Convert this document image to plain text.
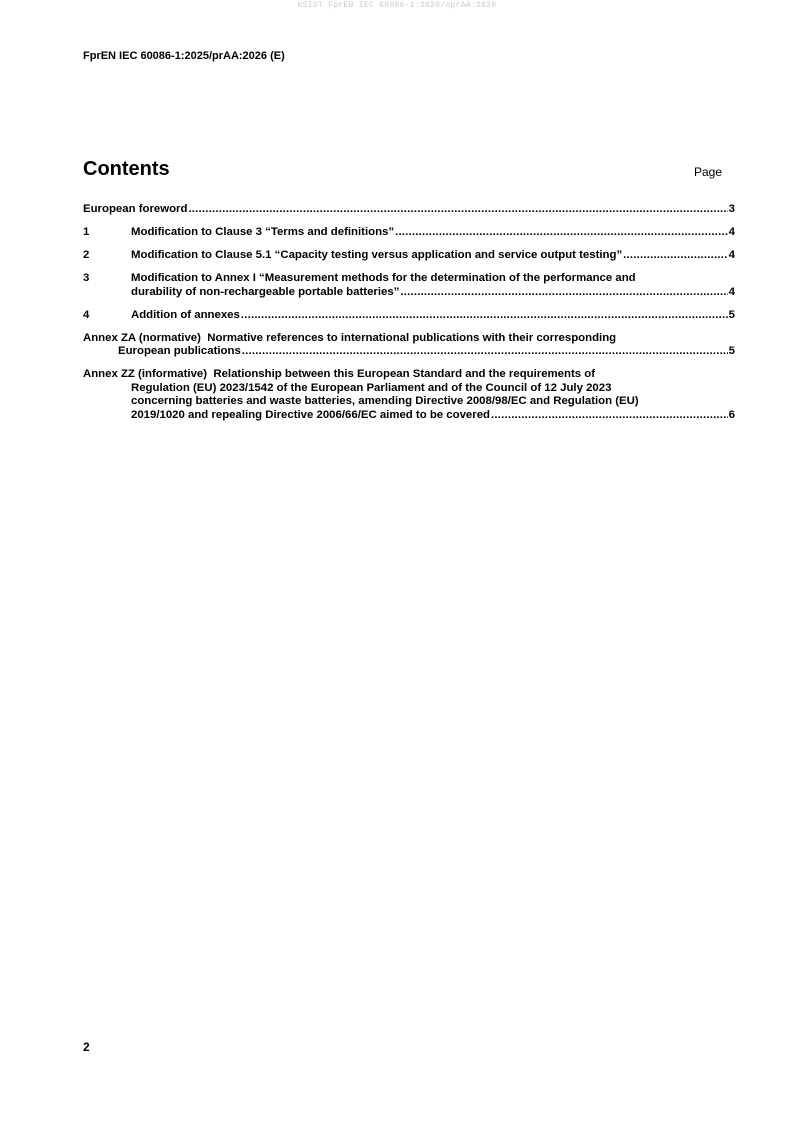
kSIST FprEN IEC 60086-1:2026/oprAA:2026
FprEN IEC 60086-1:2025/prAA:2026 (E)
Contents	Page
European foreword .....	3
1	Modification to Clause 3 “Terms and definitions” .....	4
2	Modification to Clause 5.1 “Capacity testing versus application and service output testing” .....	4
3	Modification to Annex I “Measurement methods for the determination of the performance and
durability of non-rechargeable portable batteries” .....	4
4	Addition of annexes .....	5
Annex ZA (normative)  Normative references to international publications with their corresponding
European publications .....	5
Annex ZZ (informative)  Relationship between this European Standard and the requirements of
Regulation (EU) 2023/1542 of the European Parliament and of the Council of 12 July 2023
concerning batteries and waste batteries, amending Directive 2008/98/EC and Regulation (EU)
2019/1020 and repealing Directive 2006/66/EC aimed to be covered .....	6
2
